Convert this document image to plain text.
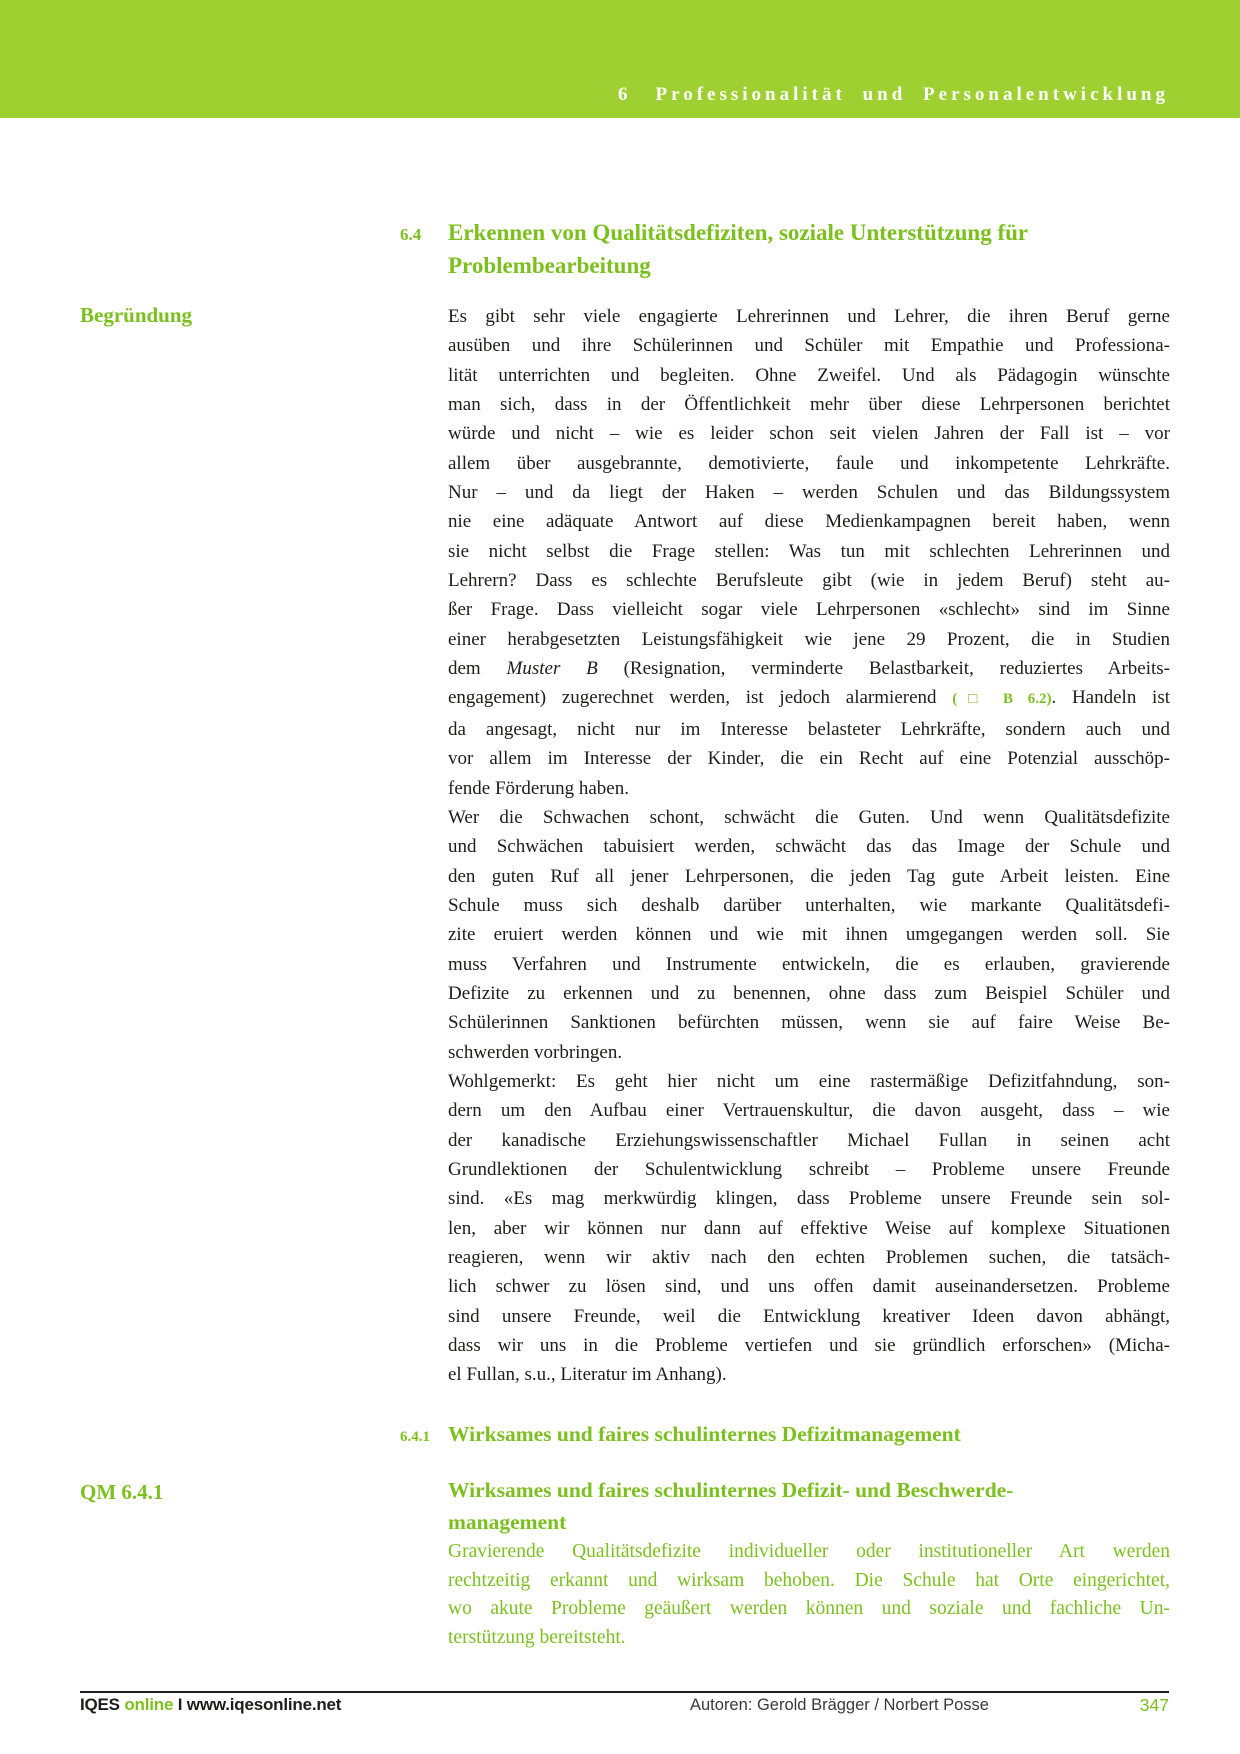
6 Professionalität und Personalentwicklung
Begründung
6.4	Erkennen von Qualitätsdefiziten, soziale Unterstützung für
Problembearbeitung
Es gibt sehr viele engagierte Lehrerinnen und Lehrer, die ihren Beruf gerne
ausüben und ihre Schülerinnen und Schüler mit Empathie und Professiona-
lität unterrichten und begleiten. Ohne Zweifel. Und als Pädagogin wünschte
man sich, dass in der Öffentlichkeit mehr über diese Lehrpersonen berichtet
würde und nicht – wie es leider schon seit vielen Jahren der Fall ist – vor
allem über ausgebrannte, demotivierte, faule und inkompetente Lehrkräfte.
Nur – und da liegt der Haken – werden Schulen und das Bildungssystem
nie eine adäquate Antwort auf diese Medienkampagnen bereit haben, wenn
sie nicht selbst die Frage stellen: Was tun mit schlechten Lehrerinnen und
Lehrern? Dass es schlechte Berufsleute gibt (wie in jedem Beruf) steht au-
ßer Frage. Dass vielleicht sogar viele Lehrpersonen «schlecht» sind im Sinne
einer herabgesetzten Leistungsfähigkeit wie jene 29 Prozent, die in Studien
dem Muster B (Resignation, verminderte Belastbarkeit, reduziertes Arbeits-
engagement) zugerechnet werden, ist jedoch alarmierend (□ B 6.2). Handeln ist
da angesagt, nicht nur im Interesse belasteter Lehrkräfte, sondern auch und
vor allem im Interesse der Kinder, die ein Recht auf eine Potenzial ausschöp-
fende Förderung haben.
Wer die Schwachen schont, schwächt die Guten. Und wenn Qualitätsdefizite
und Schwächen tabuisiert werden, schwächt das das Image der Schule und
den guten Ruf all jener Lehrpersonen, die jeden Tag gute Arbeit leisten. Eine
Schule muss sich deshalb darüber unterhalten, wie markante Qualitätsdefi-
zite eruiert werden können und wie mit ihnen umgegangen werden soll. Sie
muss Verfahren und Instrumente entwickeln, die es erlauben, gravierende
Defizite zu erkennen und zu benennen, ohne dass zum Beispiel Schüler und
Schülerinnen Sanktionen befürchten müssen, wenn sie auf faire Weise Be-
schwerden vorbringen.
Wohlgemerkt: Es geht hier nicht um eine rastermäßige Defizitfahndung, son-
dern um den Aufbau einer Vertrauenskultur, die davon ausgeht, dass – wie
der kanadische Erziehungswissenschaftler Michael Fullan in seinen acht
Grundlektionen der Schulentwicklung schreibt – Probleme unsere Freunde
sind. «Es mag merkwürdig klingen, dass Probleme unsere Freunde sein sol-
len, aber wir können nur dann auf effektive Weise auf komplexe Situationen
reagieren, wenn wir aktiv nach den echten Problemen suchen, die tatsäch-
lich schwer zu lösen sind, und uns offen damit auseinandersetzen. Probleme
sind unsere Freunde, weil die Entwicklung kreativer Ideen davon abhängt,
dass wir uns in die Probleme vertiefen und sie gründlich erforschen» (Micha-
el Fullan, s.u., Literatur im Anhang).
6.4.1 Wirksames und faires schulinternes Defizitmanagement
QM 6.4.1	Wirksames und faires schulinternes Defizit- und Beschwerde-
management
Gravierende Qualitätsdefizite individueller oder institutioneller Art werden
rechtzeitig erkannt und wirksam behoben. Die Schule hat Orte eingerichtet,
wo akute Probleme geäußert werden können und soziale und fachliche Un-
terstützung bereitsteht.
IQES online I www.iqesonline.net	Autoren: Gerold Brägger / Norbert Posse	347
